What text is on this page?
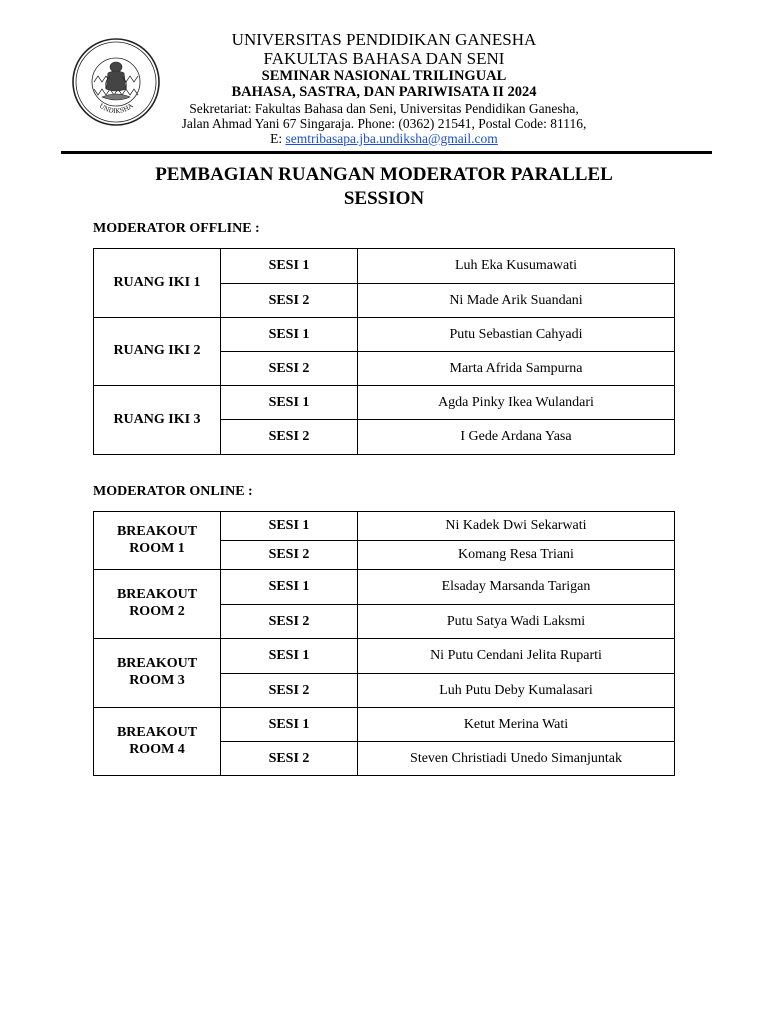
UNDIKSHA
UNIVERSITAS PENDIDIKAN GANESHA
FAKULTAS BAHASA DAN SENI
SEMINAR NASIONAL TRILINGUAL
BAHASA, SASTRA, DAN PARIWISATA II 2024
Sekretariat: Fakultas Bahasa dan Seni, Universitas Pendidikan Ganesha,
Jalan Ahmad Yani 67 Singaraja. Phone: (0362) 21541, Postal Code: 81116,
E: semtribasapa.jba.undiksha@gmail.com
PEMBAGIAN RUANGAN MODERATOR PARALLEL
SESSION
MODERATOR OFFLINE :
RUANG IKI 1	SESI 1	Luh Eka Kusumawati
	SESI 2	Ni Made Arik Suandani
RUANG IKI 2	SESI 1	Putu Sebastian Cahyadi
	SESI 2	Marta Afrida Sampurna
RUANG IKI 3	SESI 1	Agda Pinky Ikea Wulandari
	SESI 2	I Gede Ardana Yasa
MODERATOR ONLINE :
BREAKOUT
ROOM 1	SESI 1	Ni Kadek Dwi Sekarwati
	SESI 2	Komang Resa Triani

BREAKOUT
ROOM 2	SESI 1	Elsaday Marsanda Tarigan
	SESI 2	Putu Satya Wadi Laksmi

BREAKOUT
ROOM 3	SESI 1	Ni Putu Cendani Jelita Ruparti
	SESI 2	Luh Putu Deby Kumalasari

BREAKOUT
ROOM 4	SESI 1	Ketut Merina Wati
	SESI 2	Steven Christiadi Unedo Simanjuntak
